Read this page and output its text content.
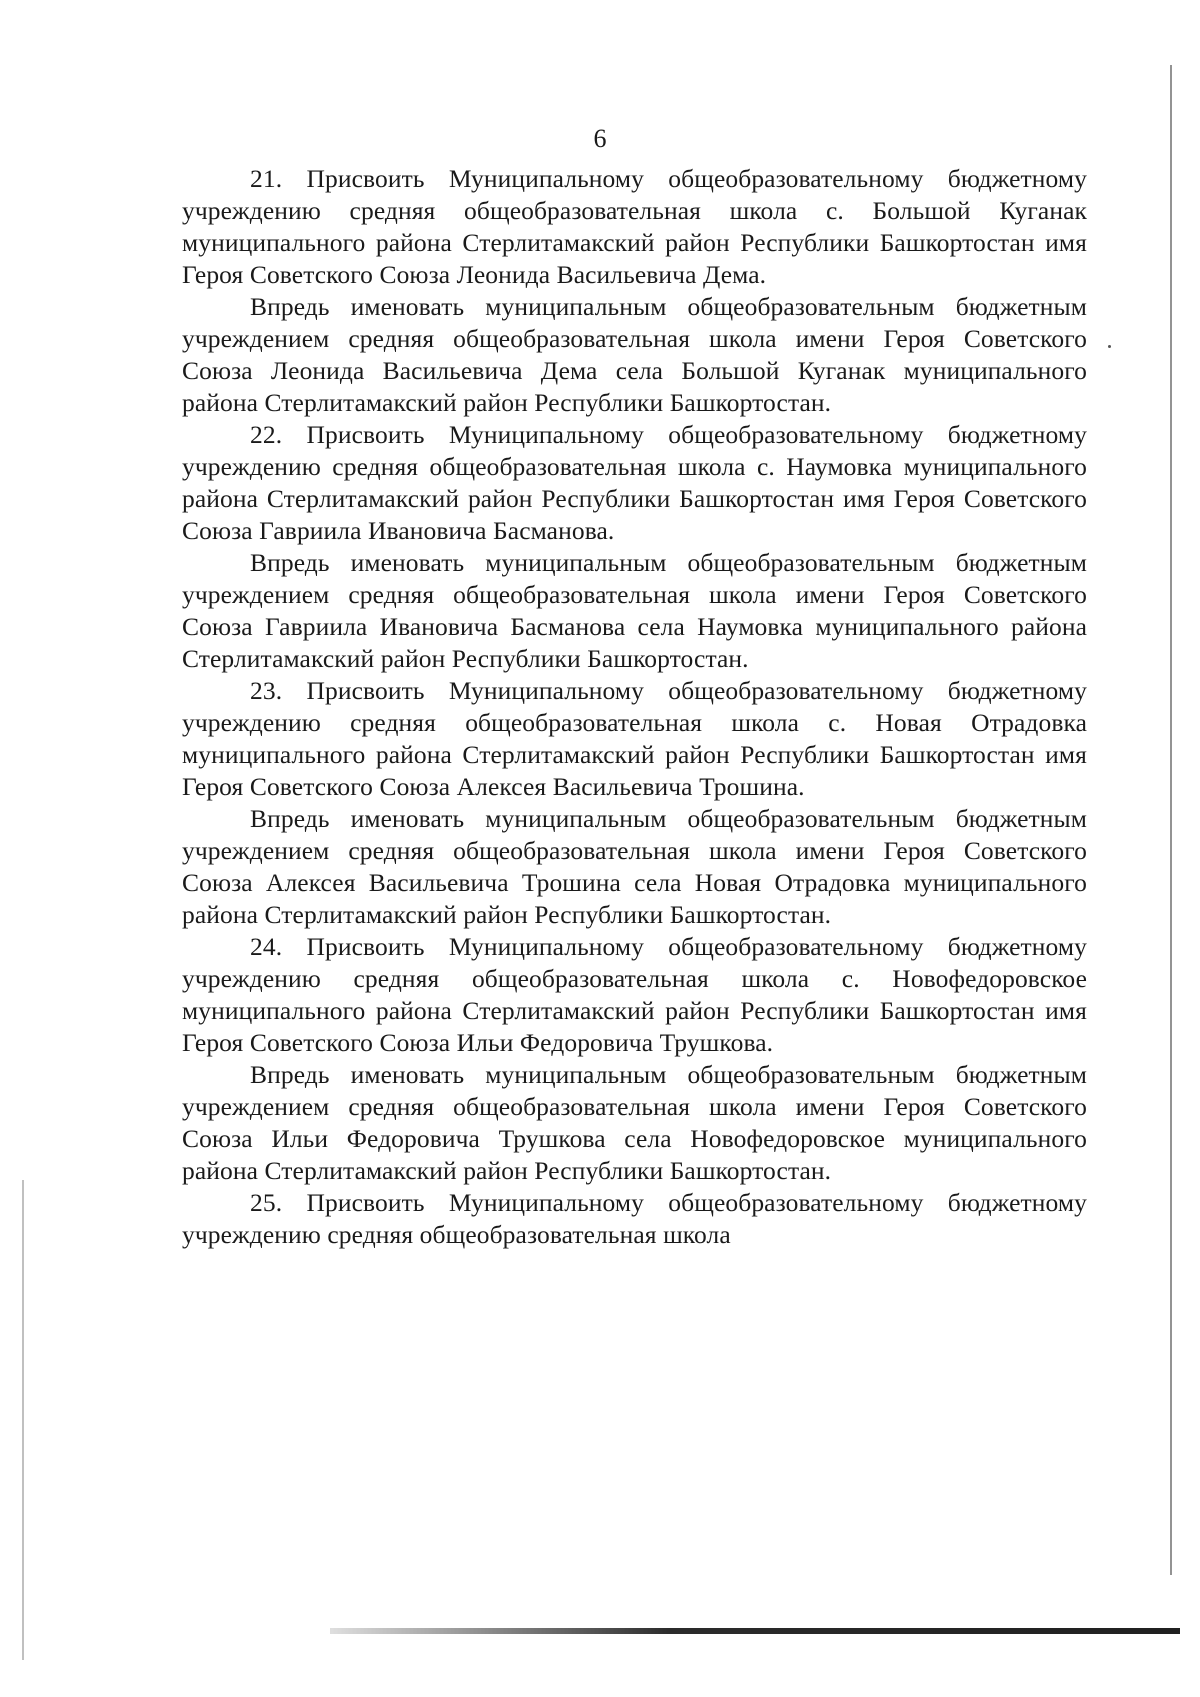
6

21. Присвоить Муниципальному общеобразовательному бюджетному учреждению средняя общеобразовательная школа с. Большой Куганак муниципального района Стерлитамакский район Республики Башкортостан имя Героя Советского Союза Леонида Васильевича Дема.

Впредь именовать муниципальным общеобразовательным бюджетным учреждением средняя общеобразовательная школа имени Героя Советского Союза Леонида Васильевича Дема села Большой Куганак муниципального района Стерлитамакский район Республики Башкортостан.

22. Присвоить Муниципальному общеобразовательному бюджетному учреждению средняя общеобразовательная школа с. Наумовка муниципального района Стерлитамакский район Республики Башкортостан имя Героя Советского Союза Гавриила Ивановича Басманова.

Впредь именовать муниципальным общеобразовательным бюджетным учреждением средняя общеобразовательная школа имени Героя Советского Союза Гавриила Ивановича Басманова села Наумовка муниципального района Стерлитамакский район Республики Башкортостан.

23. Присвоить Муниципальному общеобразовательному бюджетному учреждению средняя общеобразовательная школа с. Новая Отрадовка муниципального района Стерлитамакский район Республики Башкортостан имя Героя Советского Союза Алексея Васильевича Трошина.

Впредь именовать муниципальным общеобразовательным бюджетным учреждением средняя общеобразовательная школа имени Героя Советского Союза Алексея Васильевича Трошина села Новая Отрадовка муниципального района Стерлитамакский район Республики Башкортостан.

24. Присвоить Муниципальному общеобразовательному бюджетному учреждению средняя общеобразовательная школа с. Новофедоровское муниципального района Стерлитамакский район Республики Башкортостан имя Героя Советского Союза Ильи Федоровича Трушкова.

Впредь именовать муниципальным общеобразовательным бюджетным учреждением средняя общеобразовательная школа имени Героя Советского Союза Ильи Федоровича Трушкова села Новофедоровское муниципального района Стерлитамакский район Республики Башкортостан.

25. Присвоить Муниципальному общеобразовательному бюджетному учреждению средняя общеобразовательная школа
